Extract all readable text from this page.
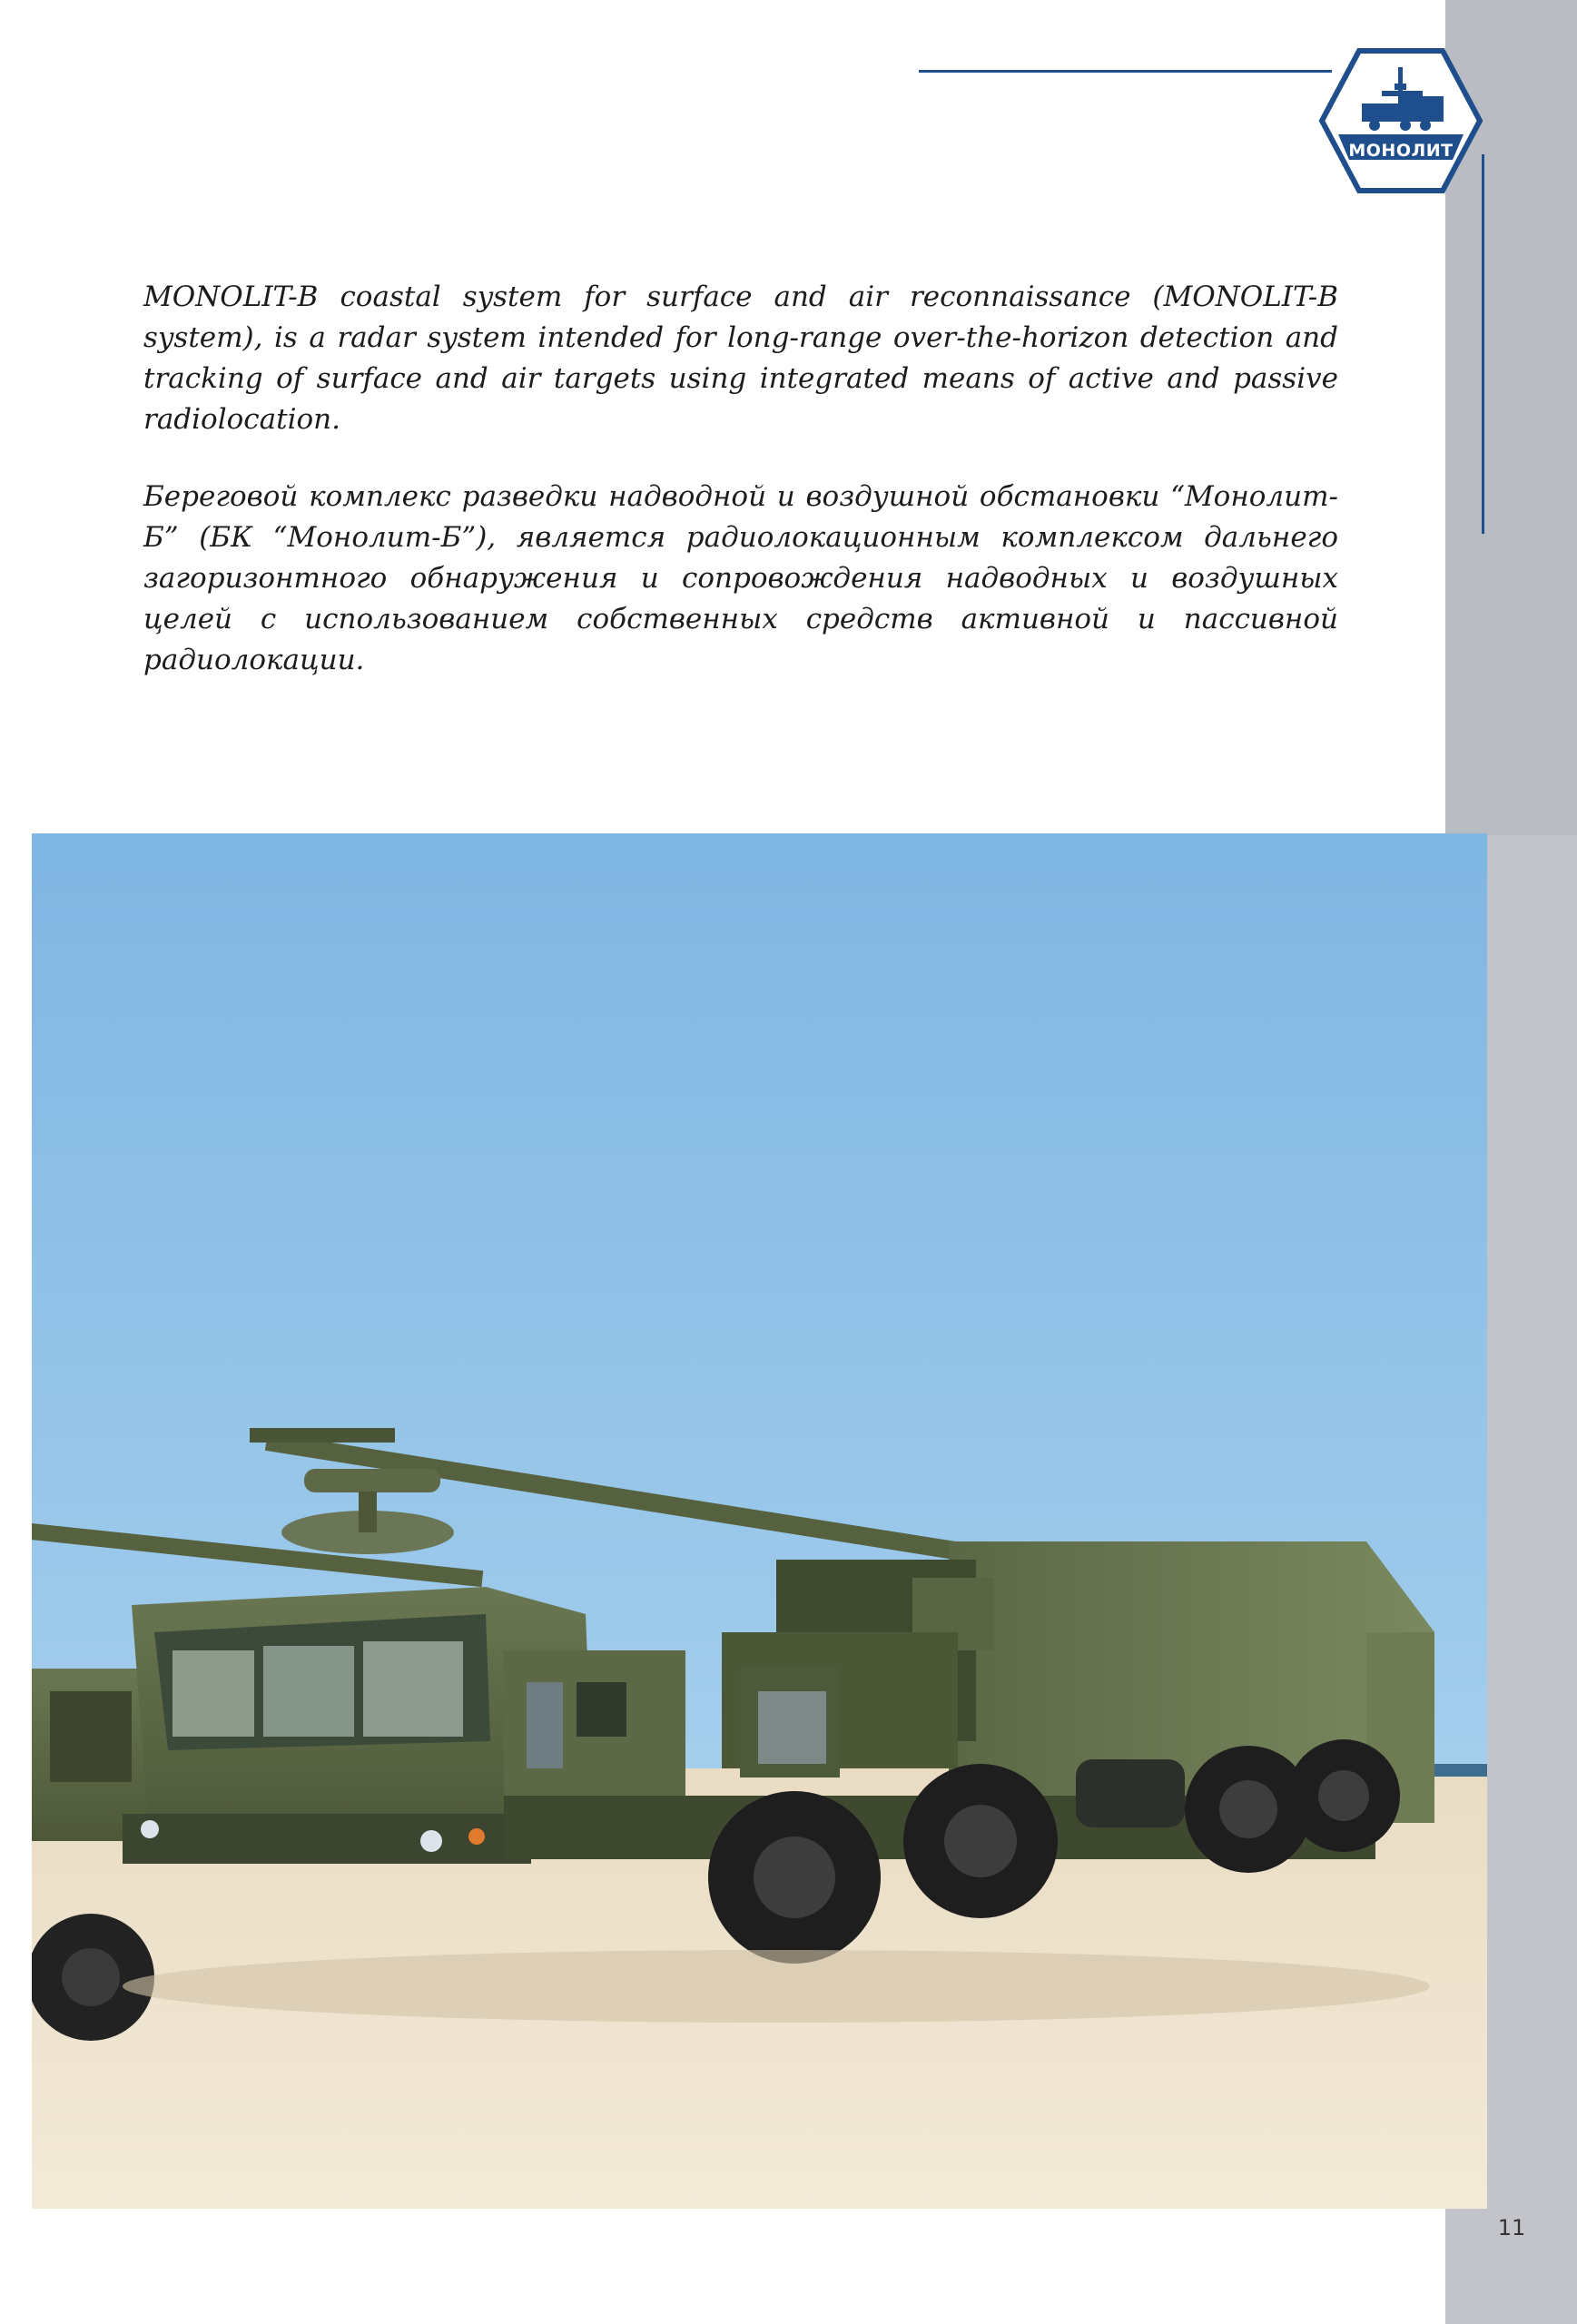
МОНОЛИТ

MONOLIT-B coastal system for surface and air reconnaissance (MONOLIT-B system), is a radar system intended for long-range over-the-horizon detection and tracking of surface and air targets using integrated means of active and passive radiolocation.

Береговой комплекс разведки надводной и воздушной обстановки “Монолит-Б” (БК “Монолит-Б”), является радиолокационным комплексом дальнего загоризонтного обнаружения и сопровождения надводных и воздушных целей с использованием собственных средств активной и пассивной радиолокации.

11
